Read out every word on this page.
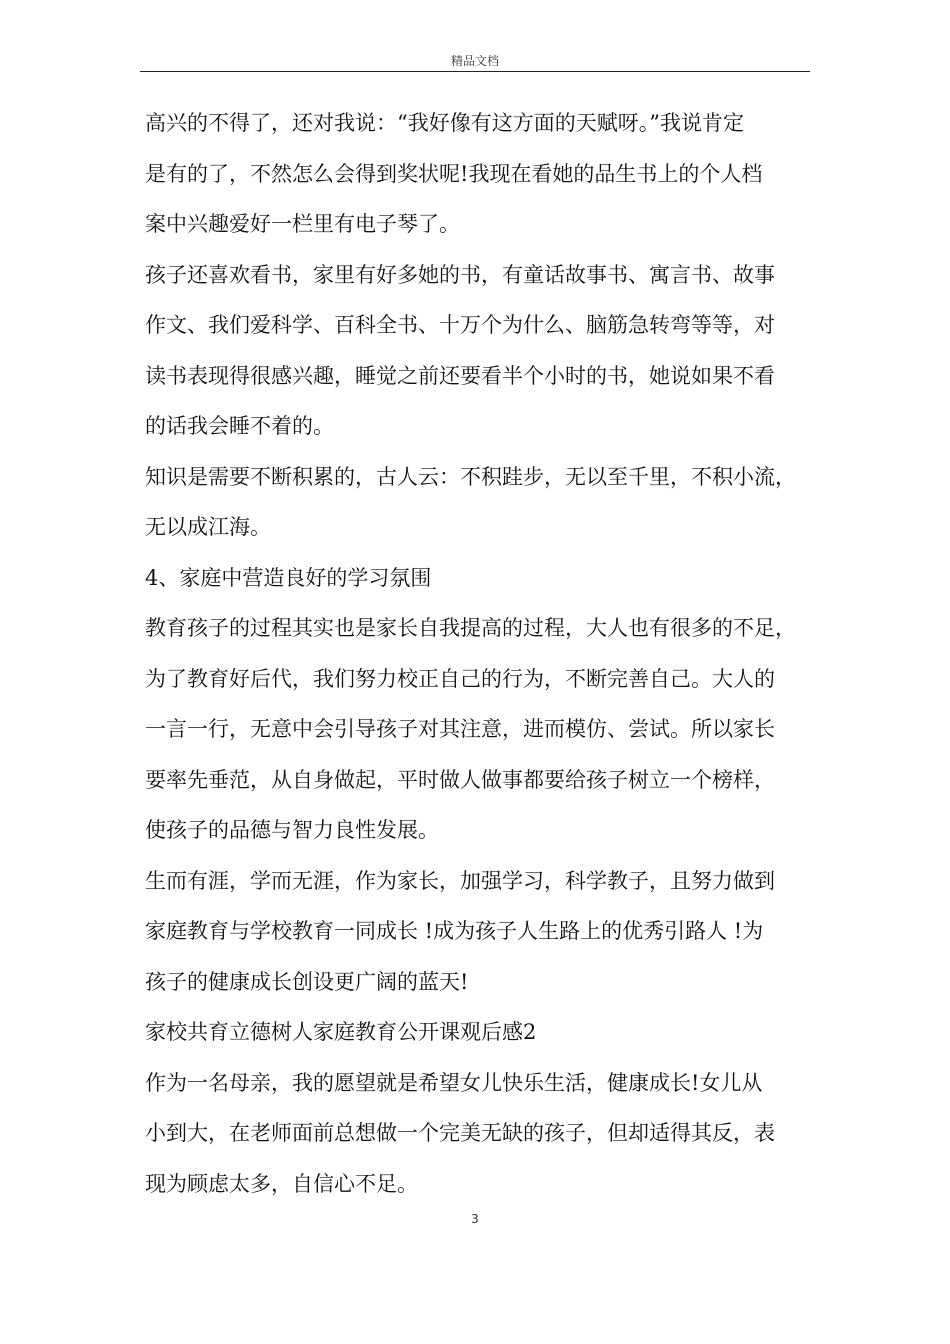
精品文档
高兴的不得了，还对我说：“我好像有这方面的天赋呀。”我说肯定
是有的了，不然怎么会得到奖状呢!我现在看她的品生书上的个人档
案中兴趣爱好一栏里有电子琴了。
孩子还喜欢看书，家里有好多她的书，有童话故事书、寓言书、故事
作文、我们爱科学、百科全书、十万个为什么、脑筋急转弯等等，对
读书表现得很感兴趣，睡觉之前还要看半个小时的书，她说如果不看
的话我会睡不着的。
知识是需要不断积累的，古人云：不积跬步，无以至千里，不积小流，
无以成江海。
4、家庭中营造良好的学习氛围
教育孩子的过程其实也是家长自我提高的过程，大人也有很多的不足，
为了教育好后代，我们努力校正自己的行为，不断完善自己。大人的
一言一行，无意中会引导孩子对其注意，进而模仿、尝试。所以家长
要率先垂范，从自身做起，平时做人做事都要给孩子树立一个榜样，
使孩子的品德与智力良性发展。
生而有涯，学而无涯，作为家长，加强学习，科学教子，且努力做到
家庭教育与学校教育一同成长 !成为孩子人生路上的优秀引路人 !为
孩子的健康成长创设更广阔的蓝天!
家校共育立德树人家庭教育公开课观后感2
作为一名母亲，我的愿望就是希望女儿快乐生活，健康成长!女儿从
小到大，在老师面前总想做一个完美无缺的孩子，但却适得其反，表
现为顾虑太多，自信心不足。
3
